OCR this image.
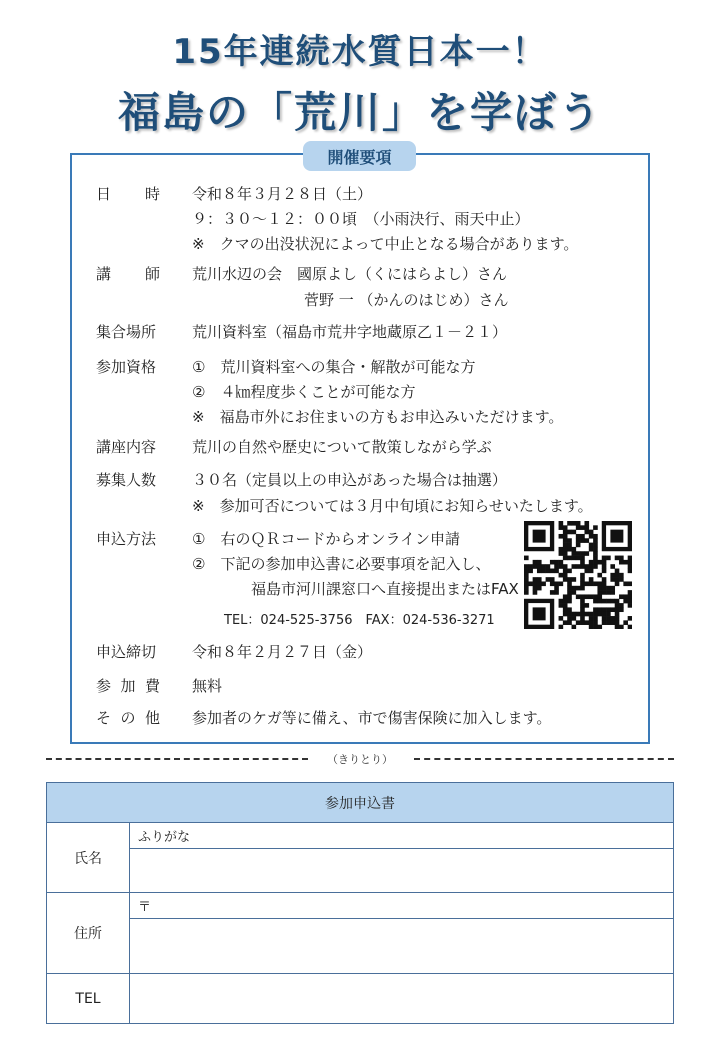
15年連続水質日本一！
福島の「荒川」を学ぼう
開催要項
日 時 令和８年３月２８日（土）
９：３０～１２：００頃　（小雨決行、雨天中止）
※　クマの出没状況によって中止となる場合があります。
講 師 荒川水辺の会　國原よし（くにはらよし）さん
菅野 一 （かんのはじめ）さん
集合場所 荒川資料室（福島市荒井字地蔵原乙１－２１）
参加資格 ①　荒川資料室への集合・解散が可能な方
②　４㎞程度歩くことが可能な方
※　福島市外にお住まいの方もお申込みいただけます。
講座内容 荒川の自然や歴史について散策しながら学ぶ
募集人数 ３０名（定員以上の申込があった場合は抽選）
※　参加可否については３月中旬頃にお知らせいたします。
申込方法 ①　右のＱＲコードからオンライン申請
②　下記の参加申込書に必要事項を記入し、
福島市河川課窓口へ直接提出またはFAX
TEL：024-525-3756　FAX：024-536-3271
申込締切 令和８年２月２７日（金）
参 加 費 無料
そ の 他 参加者のケガ等に備え、市で傷害保険に加入します。
（きりとり）
参加申込書	
氏名	ふりがな

住所	〒

TEL	
